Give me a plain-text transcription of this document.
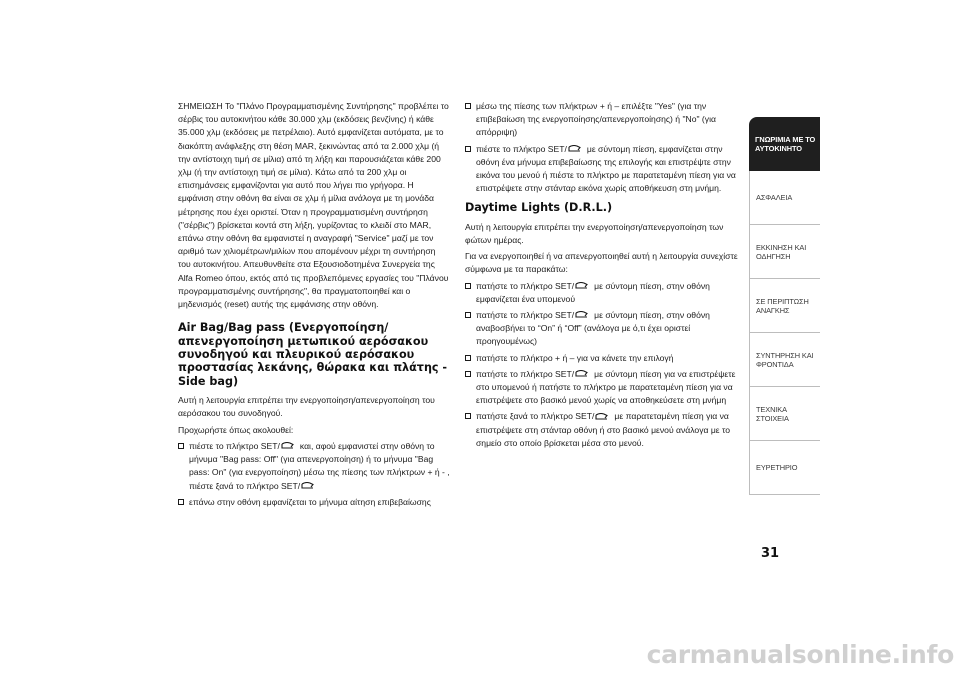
ΣΗΜΕΙΩΣΗ Το "Πλάνο Προγραμματισμένης Συντήρησης" προβλέπει το σέρβις του αυτοκινήτου κάθε 30.000 χλμ (εκδόσεις βενζίνης) ή κάθε 35.000 χλμ (εκδόσεις με πετρέλαιο). Αυτό εμφανίζεται αυτόματα, με το διακόπτη ανάφλεξης στη θέση MAR, ξεκινώντας από τα 2.000 χλμ (ή την αντίστοιχη τιμή σε μίλια) από τη λήξη και παρουσιάζεται κάθε 200 χλμ (ή την αντίστοιχη τιμή σε μίλια). Κάτω από τα 200 χλμ οι επισημάνσεις εμφανίζονται για αυτό που λήγει πιο γρήγορα. Η εμφάνιση στην οθόνη θα είναι σε χλμ ή μίλια ανάλογα με τη μονάδα μέτρησης που έχει οριστεί. Όταν η προγραμματισμένη συντήρηση ("σέρβις") βρίσκεται κοντά στη λήξη, γυρίζοντας το κλειδί στο MAR, επάνω στην οθόνη θα εμφανιστεί η αναγραφή "Service" μαζί με τον αριθμό των χιλιομέτρων/μιλίων που απομένουν μέχρι τη συντήρηση του αυτοκινήτου. Απευθυνθείτε στα Εξουσιοδοτημένα Συνεργεία της Alfa Romeo όπου, εκτός από τις προβλεπόμενες εργασίες του "Πλάνου προγραμματισμένης συντήρησης", θα πραγματοποιηθεί και ο μηδενισμός (reset) αυτής της εμφάνισης στην οθόνη.

Air Bag/Bag pass (Ενεργοποίηση/ απενεργοποίηση μετωπικού αερόσακου συνοδηγού και πλευρικού αερόσακου προστασίας λεκάνης, θώρακα και πλάτης - Side bag)

Αυτή η λειτουργία επιτρέπει την ενεργοποίηση/απενεργοποίηση του αερόσακου του συνοδηγού.

Προχωρήστε όπως ακολουθεί:

πιέστε το πλήκτρο SET/ και, αφού εμφανιστεί στην οθόνη το μήνυμα "Bag pass: Off" (για απενεργοποίηση) ή το μήνυμα "Bag pass: On" (για ενεργοποίηση) μέσω της πίεσης των πλήκτρων + ή - , πιέστε ξανά το πλήκτρο SET/
επάνω στην οθόνη εμφανίζεται το μήνυμα αίτηση επιβεβαίωσης
μέσω της πίεσης των πλήκτρων + ή – επιλέξτε "Yes" (για την επιβεβαίωση της ενεργοποίησης/απενεργοποίησης) ή "No" (για απόρριψη)
πιέστε το πλήκτρο SET/ με σύντομη πίεση, εμφανίζεται στην οθόνη ένα μήνυμα επιβεβαίωσης της επιλογής και επιστρέψτε στην εικόνα του μενού ή πιέστε το πλήκτρο με παρατεταμένη πίεση για να επιστρέψετε στην στάνταρ εικόνα χωρίς αποθήκευση στη μνήμη.
Daytime Lights (D.R.L.)

Αυτή η λειτουργία επιτρέπει την ενεργοποίηση/απενεργοποίηση των φώτων ημέρας.

Για να ενεργοποιηθεί ή να απενεργοποιηθεί αυτή η λειτουργία συνεχίστε σύμφωνα με τα παρακάτω:

πατήστε το πλήκτρο SET/ με σύντομη πίεση, στην οθόνη εμφανίζεται ένα υπομενού
πατήστε το πλήκτρο SET/ με σύντομη πίεση, στην οθόνη αναβοσβήνει το “On” ή “Off” (ανάλογα με ό,τι έχει οριστεί προηγουμένως)
πατήστε το πλήκτρο + ή – για να κάνετε την επιλογή
πατήστε το πλήκτρο SET/ με σύντομη πίεση για να επιστρέψετε στο υπομενού ή πατήστε το πλήκτρο με παρατεταμένη πίεση για να επιστρέψετε στο βασικό μενού χωρίς να αποθηκεύσετε στη μνήμη
πατήστε ξανά το πλήκτρο SET/ με παρατεταμένη πίεση για να επιστρέψετε στη στάνταρ οθόνη ή στο βασικό μενού ανάλογα με το σημείο στο οποίο βρίσκεται μέσα στο μενού.
ΓΝΩΡΙΜΙΑ ΜΕ ΤΟ ΑΥΤΟΚΙΝΗΤΟ
ΑΣΦΑΛΕΙΑ
ΕΚΚΙΝΗΣΗ ΚΑΙ ΟΔΗΓΗΣΗ
ΣΕ ΠΕΡΙΠΤΩΣΗ ΑΝΑΓΚΗΣ
ΣΥΝΤΗΡΗΣΗ ΚΑΙ ΦΡΟΝΤΙΔΑ
ΤΕΧΝΙΚΑ ΣΤΟΙΧΕΙΑ
ΕΥΡΕΤΗΡΙΟ
31
carmanualsonline.info
